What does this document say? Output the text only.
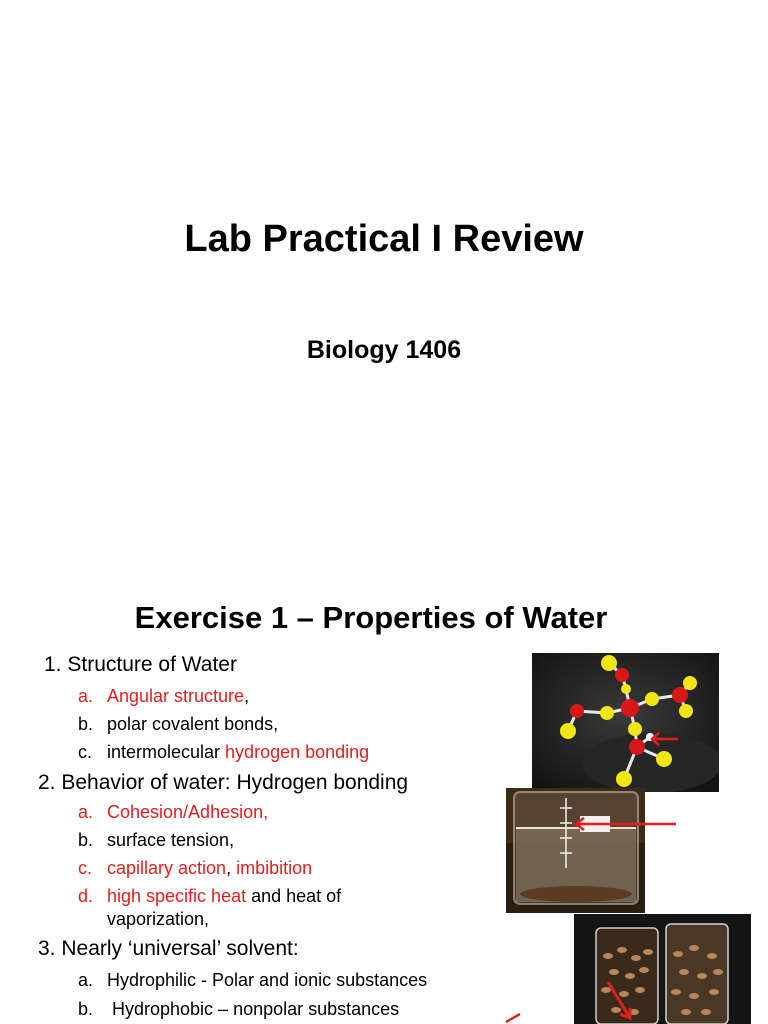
Lab Practical I Review
Biology 1406
Exercise 1 – Properties of Water
1. Structure of Water
a. Angular structure,
b. polar covalent bonds,
c. intermolecular hydrogen bonding
2. Behavior of water: Hydrogen bonding
a. Cohesion/Adhesion,
b. surface tension,
c. capillary action, imbibition
d. high specific heat and heat of
vaporization,
3. Nearly ‘universal’ solvent:
a. Hydrophilic - Polar and ionic substances
b. Hydrophobic – nonpolar substances
